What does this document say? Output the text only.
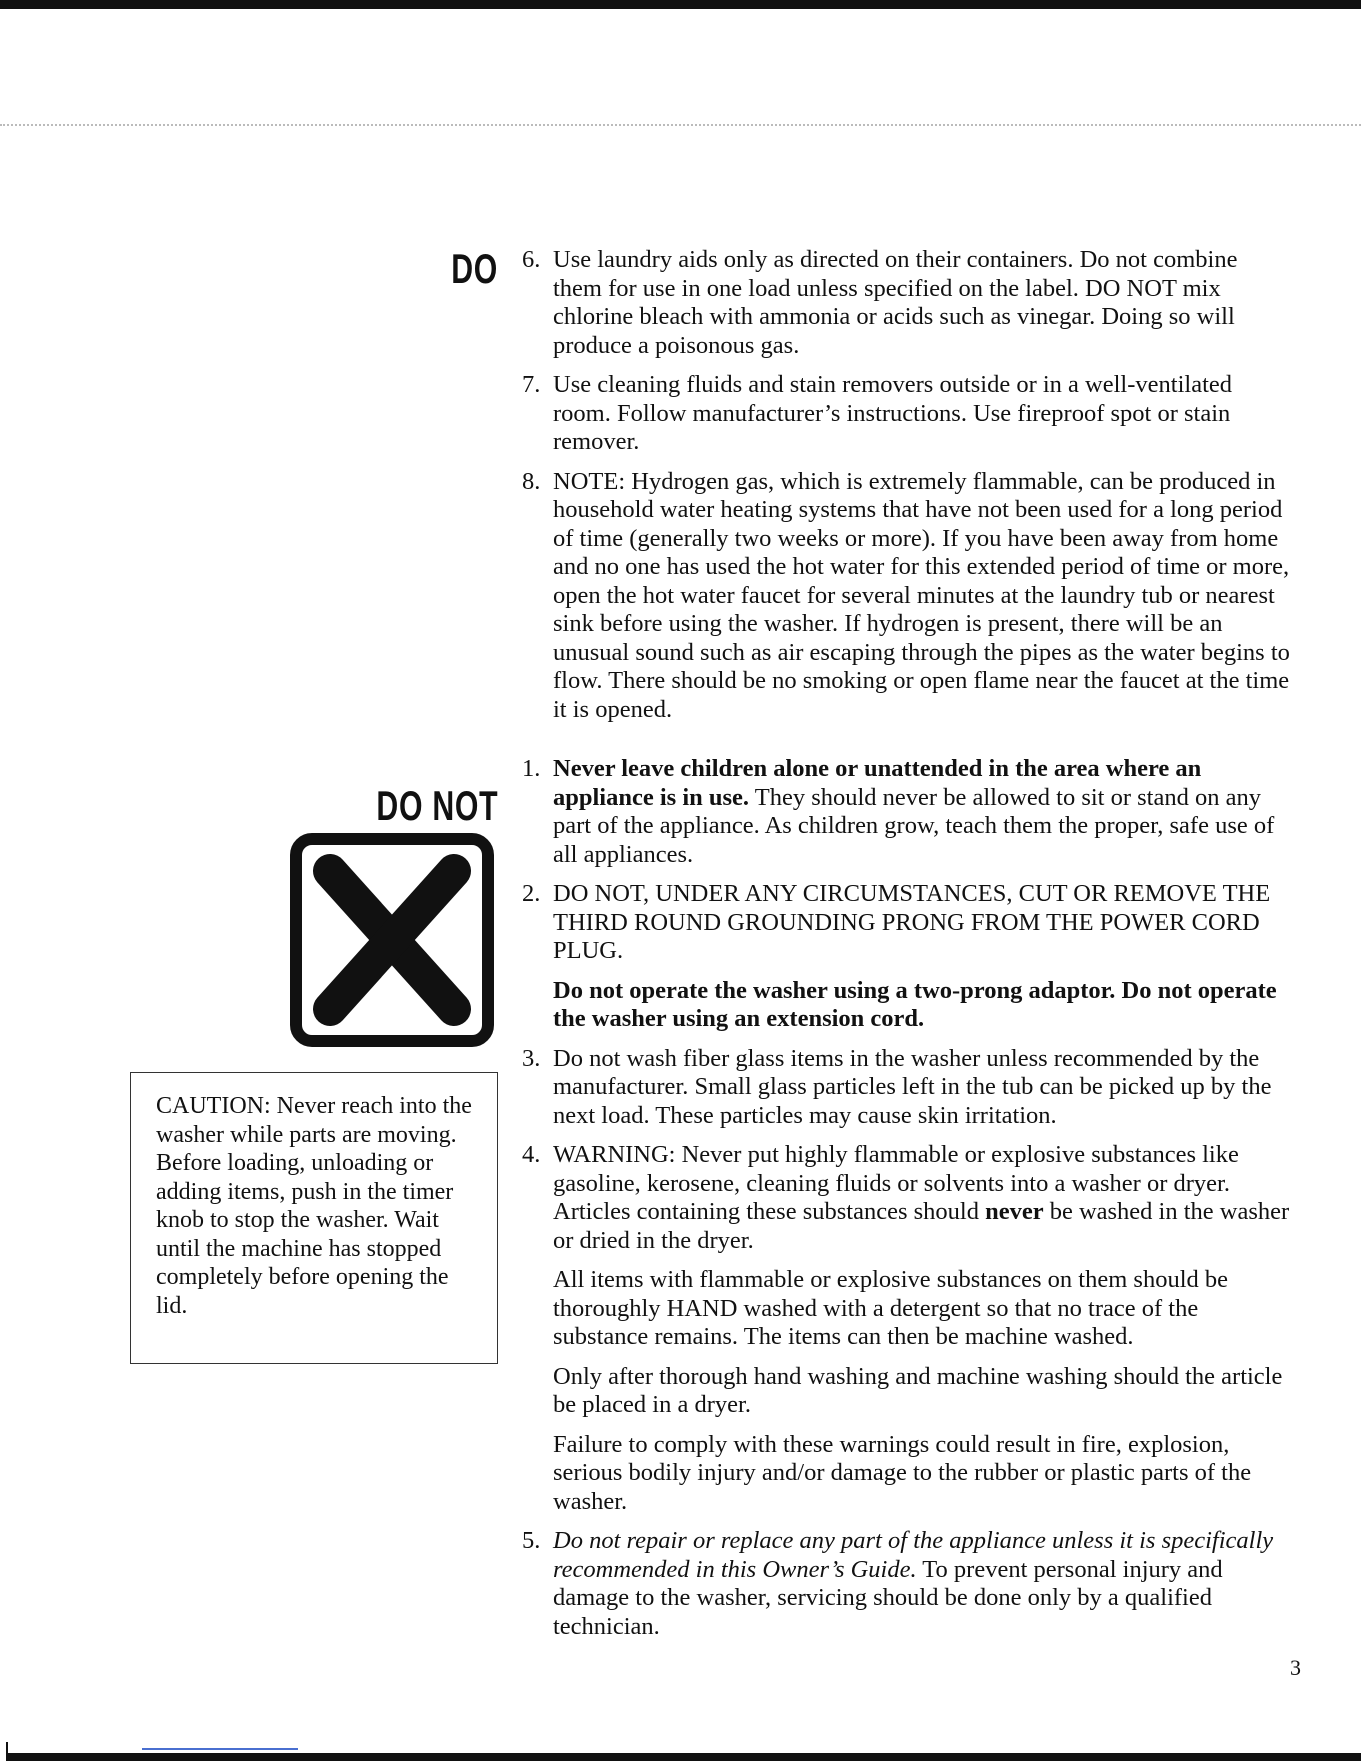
DO
DO NOT
CAUTION: Never reach into the washer while parts are moving. Before loading, unloading or adding items, push in the timer knob to stop the washer. Wait until the machine has stopped completely before opening the lid.
6. Use laundry aids only as directed on their containers. Do not combine them for use in one load unless specified on the label. DO NOT mix chlorine bleach with ammonia or acids such as vinegar. Doing so will produce a poisonous gas.
7. Use cleaning fluids and stain removers outside or in a well-ventilated room. Follow manufacturer’s instructions. Use fireproof spot or stain remover.
8. NOTE: Hydrogen gas, which is extremely flammable, can be produced in household water heating systems that have not been used for a long period of time (generally two weeks or more). If you have been away from home and no one has used the hot water for this extended period of time or more, open the hot water faucet for several minutes at the laundry tub or nearest sink before using the washer. If hydrogen is present, there will be an unusual sound such as air escaping through the pipes as the water begins to flow. There should be no smoking or open flame near the faucet at the time it is opened.
1. Never leave children alone or unattended in the area where an appliance is in use. They should never be allowed to sit or stand on any part of the appliance. As children grow, teach them the proper, safe use of all appliances.
2. DO NOT, UNDER ANY CIRCUMSTANCES, CUT OR REMOVE THE THIRD ROUND GROUNDING PRONG FROM THE POWER CORD PLUG.
Do not operate the washer using a two-prong adaptor. Do not operate the washer using an extension cord.
3. Do not wash fiber glass items in the washer unless recommended by the manufacturer. Small glass particles left in the tub can be picked up by the next load. These particles may cause skin irritation.
4. WARNING: Never put highly flammable or explosive substances like gasoline, kerosene, cleaning fluids or solvents into a washer or dryer. Articles containing these substances should never be washed in the washer or dried in the dryer.
All items with flammable or explosive substances on them should be thoroughly HAND washed with a detergent so that no trace of the substance remains. The items can then be machine washed.
Only after thorough hand washing and machine washing should the article be placed in a dryer.
Failure to comply with these warnings could result in fire, explosion, serious bodily injury and/or damage to the rubber or plastic parts of the washer.
5. Do not repair or replace any part of the appliance unless it is specifically recommended in this Owner’s Guide. To prevent personal injury and damage to the washer, servicing should be done only by a qualified technician.
3
